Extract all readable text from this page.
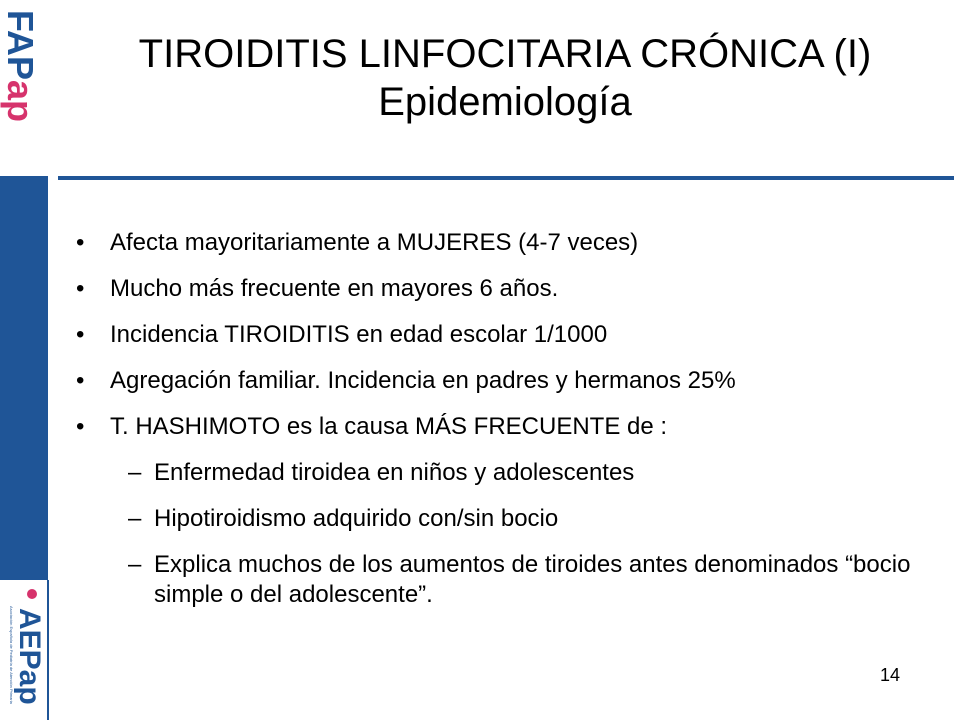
FAPap
Asociación Española de Pediatría de Atención Primaria AEPap
TIROIDITIS LINFOCITARIA CRÓNICA (I)
Epidemiología
• Afecta mayoritariamente a MUJERES (4-7 veces)
• Mucho más frecuente en mayores 6 años.
• Incidencia TIROIDITIS en edad escolar 1/1000
• Agregación familiar. Incidencia en padres y hermanos 25%
• T. HASHIMOTO es la causa MÁS FRECUENTE de :
– Enfermedad tiroidea en niños y adolescentes
– Hipotiroidismo adquirido con/sin bocio
– Explica muchos de los aumentos de tiroides antes denominados “bocio simple o del adolescente”.
14
